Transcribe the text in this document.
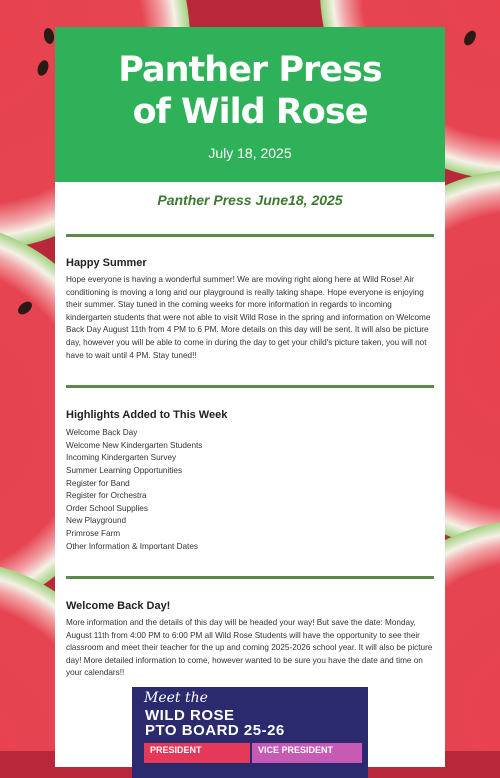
Panther Press
of Wild Rose
July 18, 2025
Panther Press June18, 2025
Happy Summer

Hope everyone is having a wonderful summer! We are moving right along here at Wild Rose! Air conditioning is moving a long and our playground is really taking shape. Hope everyone is enjoying their summer. Stay tuned in the coming weeks for more information in regards to incoming kindergarten students that were not able to visit Wild Rose in the spring and information on Welcome Back Day August 11th from 4 PM to 6 PM. More details on this day will be sent. It will also be picture day, however you will be able to come in during the day to get your child's picture taken, you will not have to wait until 4 PM. Stay tuned!!

Highlights Added to This Week
Welcome Back Day
Welcome New Kindergarten Students
Incoming Kindergarten Survey
Summer Learning Opportunities
Register for Band
Register for Orchestra
Order School Supplies
New Playground
Primrose Farm
Other Information & Important Dates
Welcome Back Day!

More information and the details of this day will be headed your way! But save the date: Monday, August 11th from 4:00 PM to 6:00 PM all Wild Rose Students will have the opportunity to see their classroom and meet their teacher for the up and coming 2025-2026 school year. It will also be picture day! More detailed information to come, however wanted to be sure you have the date and time on your calendars!!

Meet the
WILD ROSE
PTO BOARD 25-26
PRESIDENT	VICE PRESIDENT
